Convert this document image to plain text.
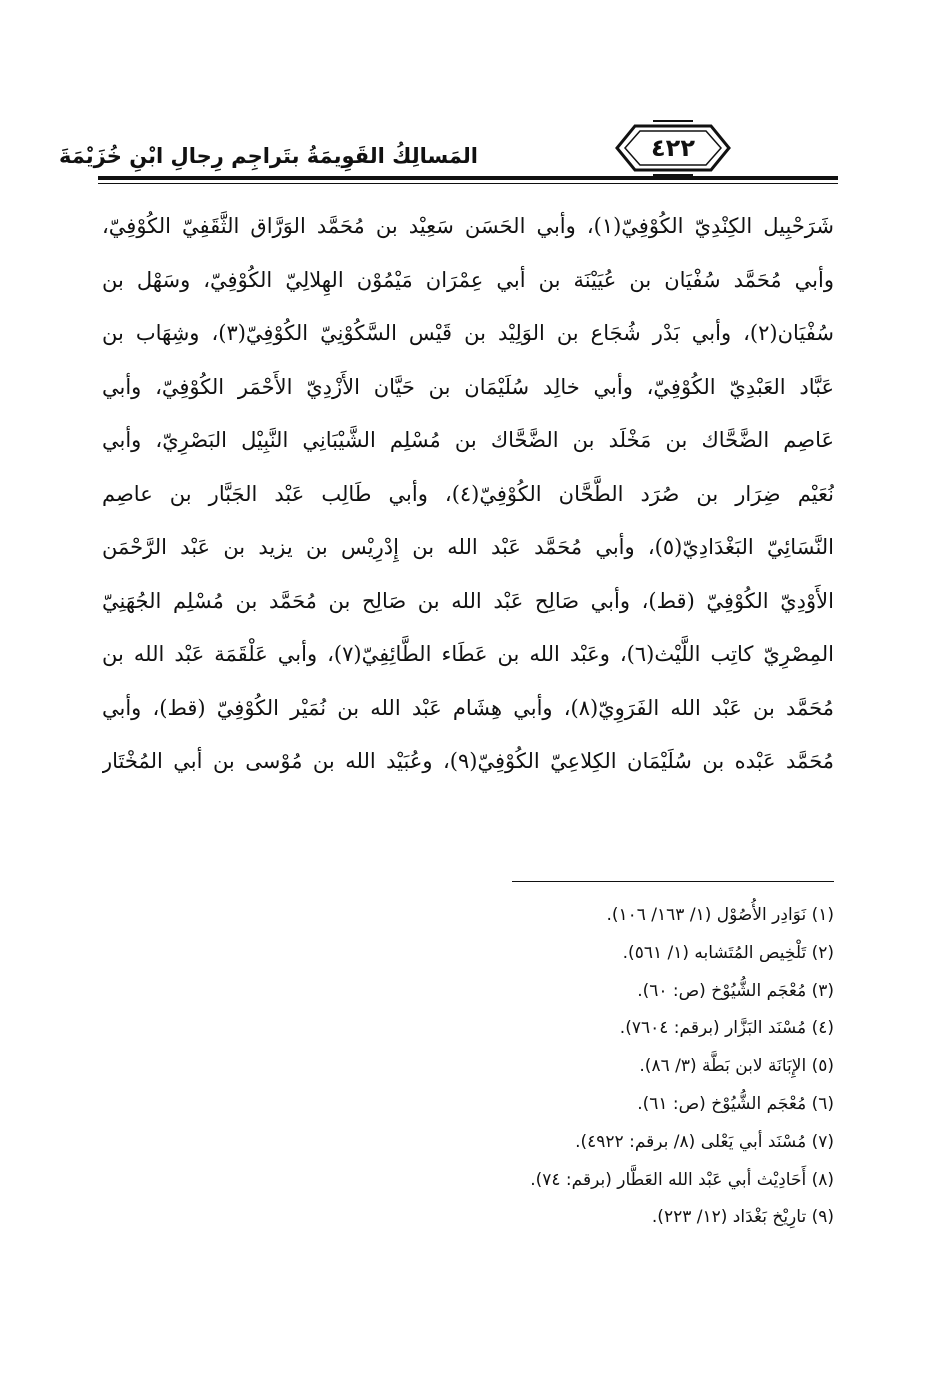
المَسالِكُ القَوِيمَةُ بتَراجِم رِجالِ ابْنِ خُزَيْمَةَ	٤٢٢
شَرَحْبِيل الكِنْدِيّ الكُوْفِيّ(١)، وأبي الحَسَن سَعِيْد بن مُحَمَّد الوَرَّاق الثَّقَفِيّ الكُوْفِيّ،
وأبي مُحَمَّد سُفْيَان بن عُيَيْنَة بن أبي عِمْرَان مَيْمُوْن الهِلالِيّ الكُوْفِيّ، وسَهْل بن
سُفْيَان(٢)، وأبي بَدْر شُجَاع بن الوَلِيْد بن قَيْس السَّكُوْنِيّ الكُوْفِيّ(٣)، وشِهَاب بن
عَبَّاد العَبْدِيّ الكُوْفِيّ، وأبي خالِد سُلَيْمَان بن حَيَّان الأَزْدِيّ الأَحْمَر الكُوْفِيّ، وأبي
عَاصِم الضَّحَّاك بن مَخْلَد بن الضَّحَّاك بن مُسْلِم الشَّيْبَانِي النَّبِيْل البَصْرِيّ، وأبي
نُعَيْم ضِرَار بن صُرَد الطَّحَّان الكُوْفِيّ(٤)، وأبي طَالِب عَبْد الجَبَّار بن عاصِم
النَّسَائِيّ البَغْدَادِيّ(٥)، وأبي مُحَمَّد عَبْد الله بن إِدْرِيْس بن يزيد بن عَبْد الرَّحْمَن
الأَوْدِيّ الكُوْفِيّ (قط)، وأبي صَالِح عَبْد الله بن صَالِح بن مُحَمَّد بن مُسْلِم الجُهَنِيّ
المِصْرِيّ كاتِب اللَّيْث(٦)، وعَبْد الله بن عَطَاء الطَّائِفِيّ(٧)، وأبي عَلْقَمَة عَبْد الله بن
مُحَمَّد بن عَبْد الله الفَرَوِيّ(٨)، وأبي هِشَام عَبْد الله بن نُمَيْر الكُوْفِيّ (قط)، وأبي
مُحَمَّد عَبْده بن سُلَيْمَان الكِلاعِيّ الكُوْفِيّ(٩)، وعُبَيْد الله بن مُوْسى بن أبي المُخْتَار
(١) نَوَادِر الأُصُوْل (١/ ١٦٣/ ١٠٦).
(٢) تَلْخِيص المُتَشابه (١/ ٥٦١).
(٣) مُعْجَم الشُّيُوْخ (ص: ٦٠).
(٤) مُسْنَد البَزَّار (برقم: ٧٦٠٤).
(٥) الإِبَانَة لابن بَطَّة (٣/ ٨٦).
(٦) مُعْجَم الشُّيُوْخ (ص: ٦١).
(٧) مُسْنَد أبي يَعْلى (٨/ برقم: ٤٩٢٢).
(٨) أَحَادِيْث أبي عَبْد الله العَطَّار (برقم: ٧٤).
(٩) تارِيْخ بَغْدَاد (١٢/ ٢٢٣).
